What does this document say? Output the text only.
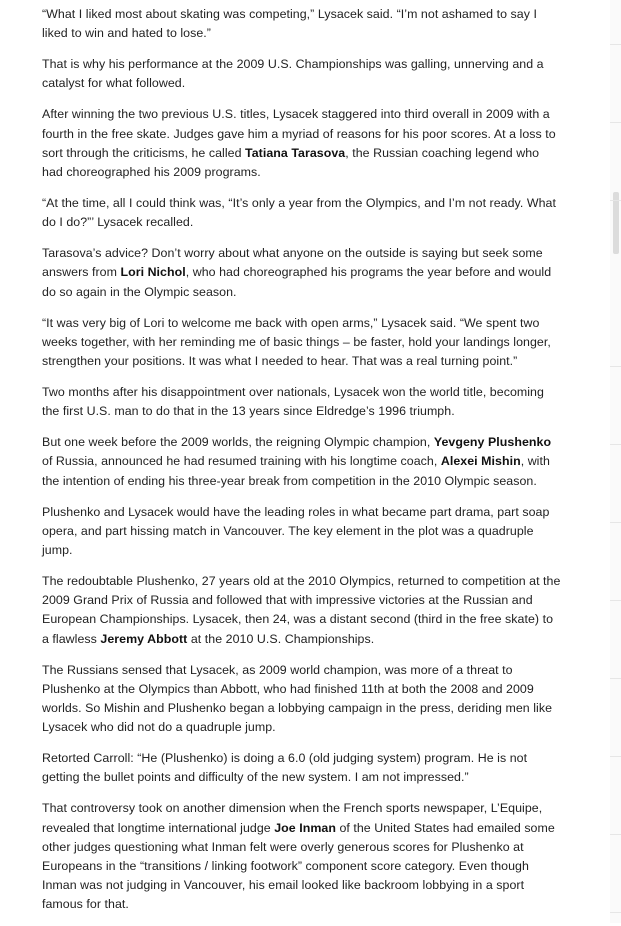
“What I liked most about skating was competing,” Lysacek said. “I’m not ashamed to say I liked to win and hated to lose.”

That is why his performance at the 2009 U.S. Championships was galling, unnerving and a catalyst for what followed.

After winning the two previous U.S. titles, Lysacek staggered into third overall in 2009 with a fourth in the free skate. Judges gave him a myriad of reasons for his poor scores. At a loss to sort through the criticisms, he called Tatiana Tarasova, the Russian coaching legend who had choreographed his 2009 programs.

“At the time, all I could think was, “It’s only a year from the Olympics, and I’m not ready. What do I do?”’ Lysacek recalled.

Tarasova’s advice? Don’t worry about what anyone on the outside is saying but seek some answers from Lori Nichol, who had choreographed his programs the year before and would do so again in the Olympic season.

“It was very big of Lori to welcome me back with open arms,” Lysacek said. “We spent two weeks together, with her reminding me of basic things – be faster, hold your landings longer, strengthen your positions. It was what I needed to hear. That was a real turning point.”

Two months after his disappointment over nationals, Lysacek won the world title, becoming the first U.S. man to do that in the 13 years since Eldredge’s 1996 triumph.

But one week before the 2009 worlds, the reigning Olympic champion, Yevgeny Plushenko of Russia, announced he had resumed training with his longtime coach, Alexei Mishin, with the intention of ending his three-year break from competition in the 2010 Olympic season.

Plushenko and Lysacek would have the leading roles in what became part drama, part soap opera, and part hissing match in Vancouver. The key element in the plot was a quadruple jump.

The redoubtable Plushenko, 27 years old at the 2010 Olympics, returned to competition at the 2009 Grand Prix of Russia and followed that with impressive victories at the Russian and European Championships. Lysacek, then 24, was a distant second (third in the free skate) to a flawless Jeremy Abbott at the 2010 U.S. Championships.

The Russians sensed that Lysacek, as 2009 world champion, was more of a threat to Plushenko at the Olympics than Abbott, who had finished 11th at both the 2008 and 2009 worlds. So Mishin and Plushenko began a lobbying campaign in the press, deriding men like Lysacek who did not do a quadruple jump.

Retorted Carroll: “He (Plushenko) is doing a 6.0 (old judging system) program. He is not getting the bullet points and difficulty of the new system. I am not impressed.”

That controversy took on another dimension when the French sports newspaper, L’Equipe, revealed that longtime international judge Joe Inman of the United States had emailed some other judges questioning what Inman felt were overly generous scores for Plushenko at Europeans in the “transitions / linking footwork” component score category. Even though Inman was not judging in Vancouver, his email looked like backroom lobbying in a sport famous for that.
